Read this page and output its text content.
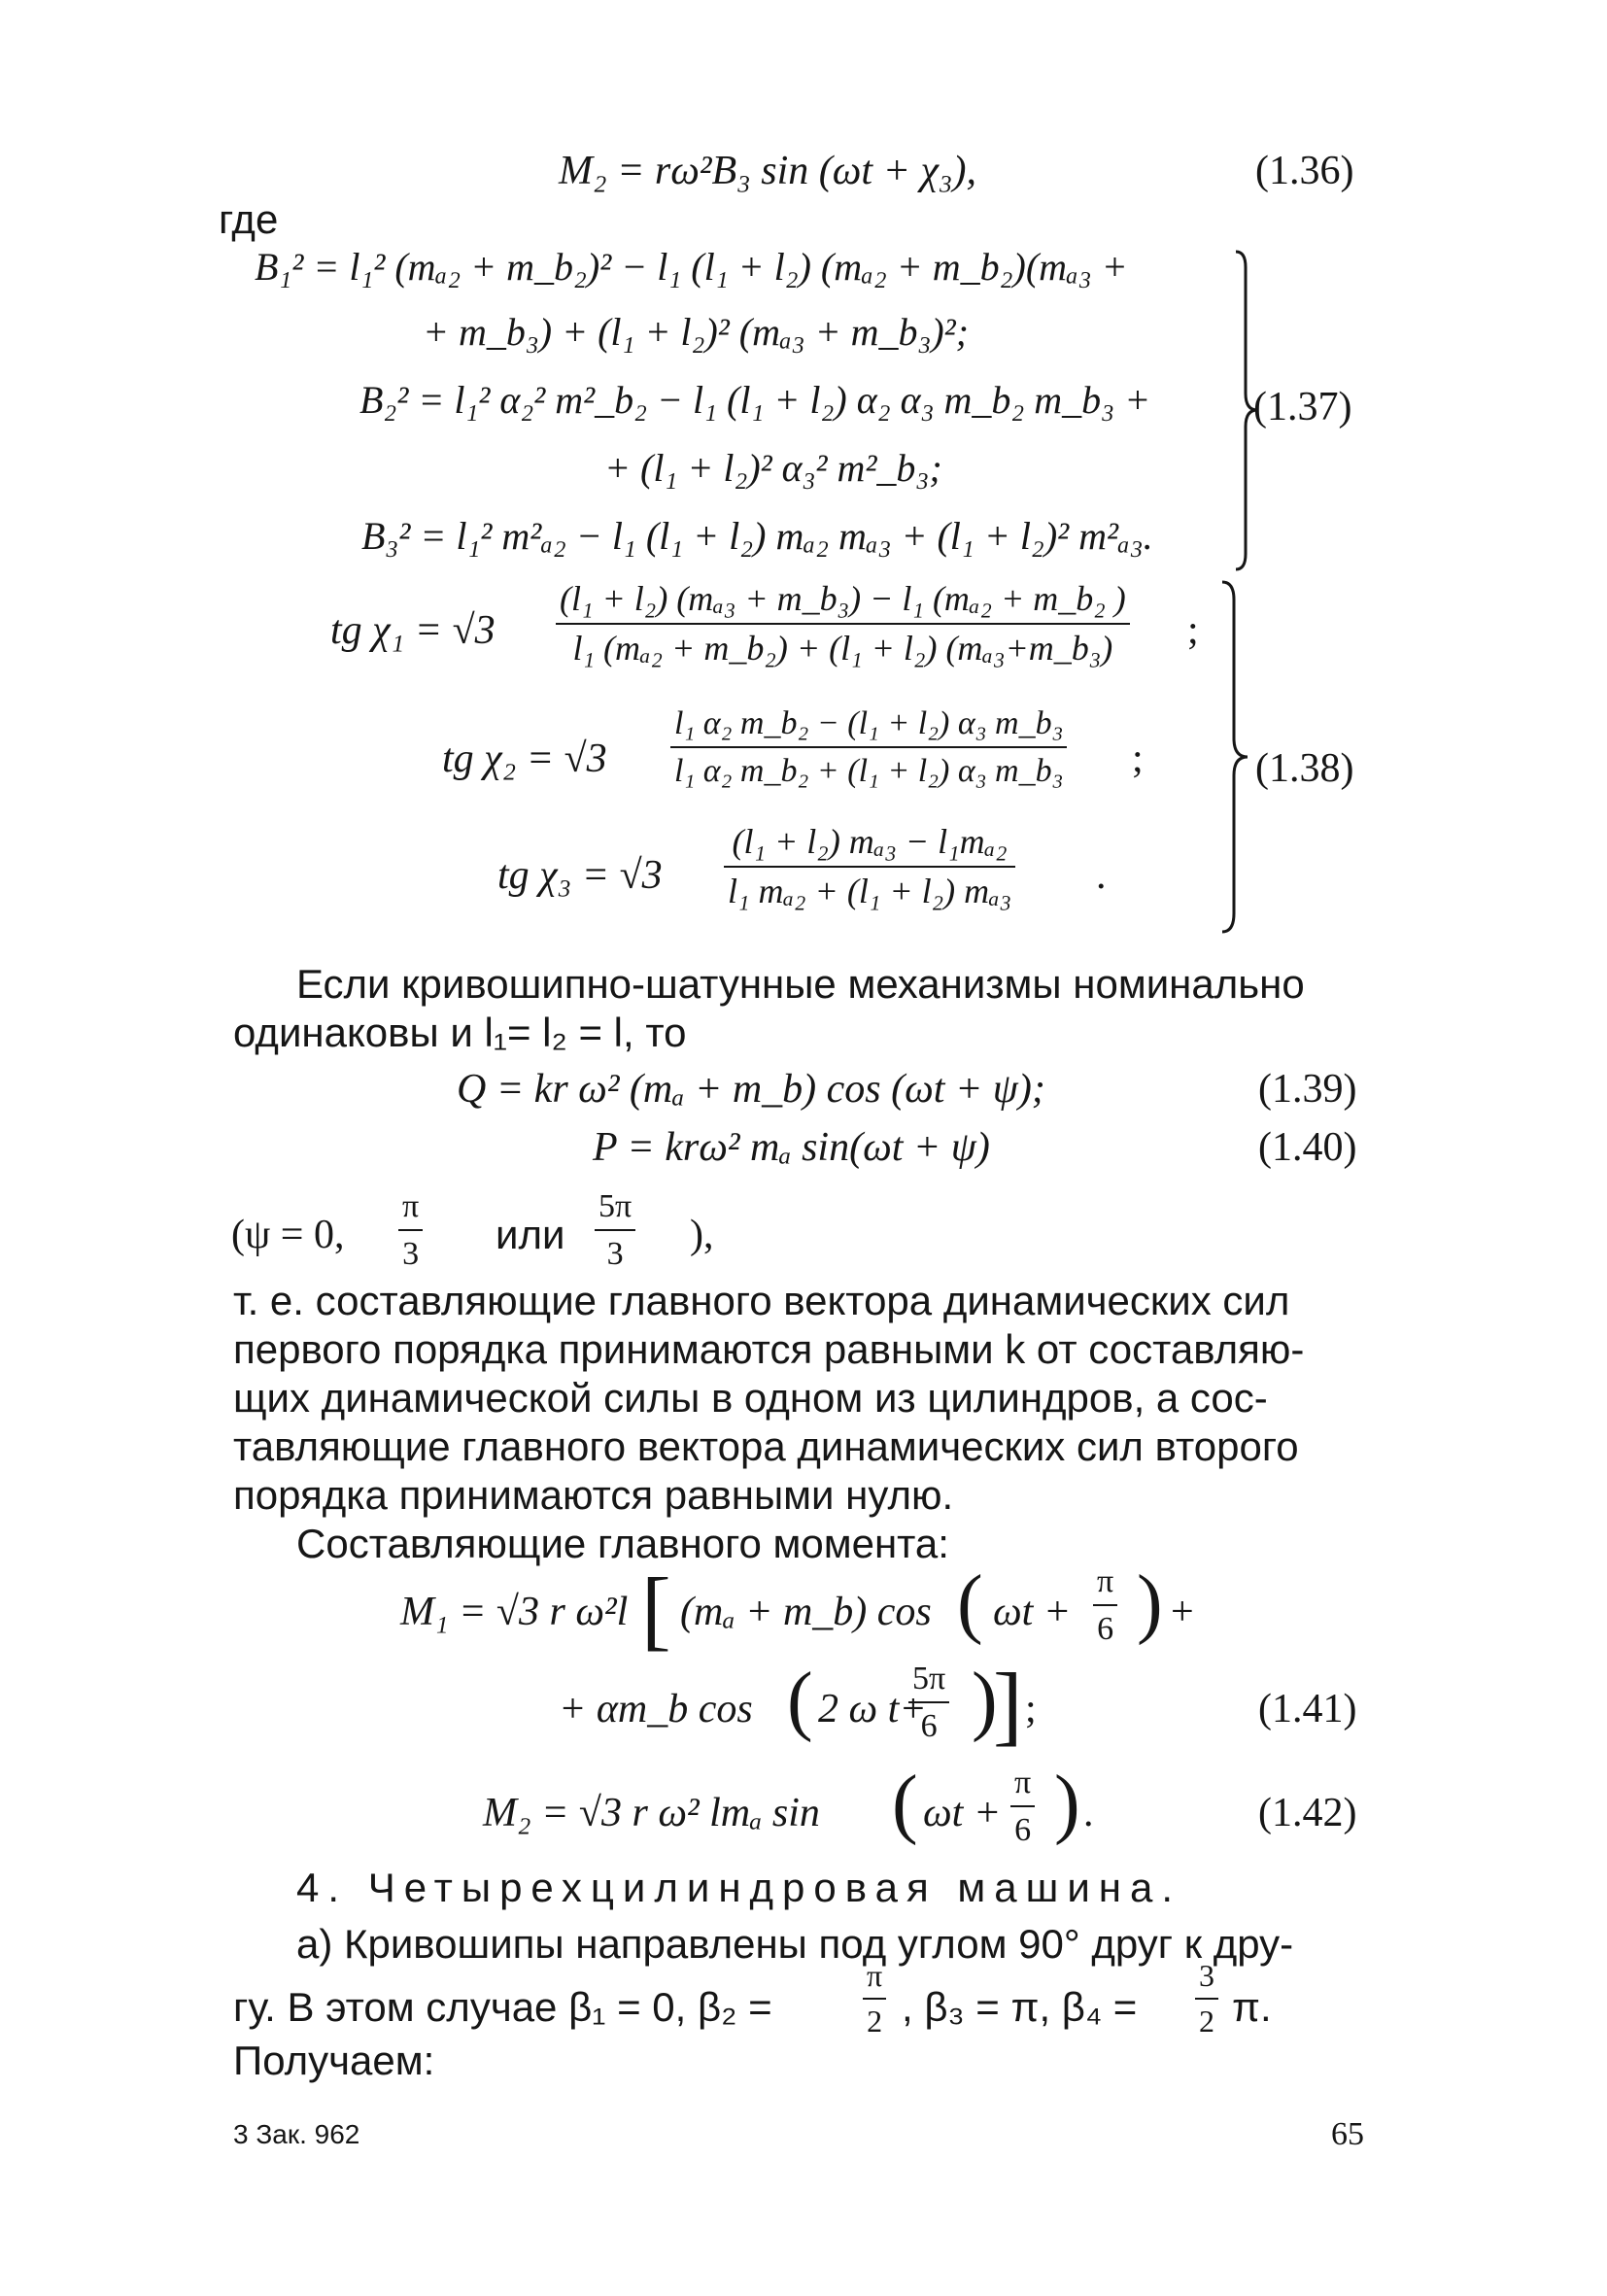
M₂ = rω²B₃ sin (ωt + χ₃),	(1.36)
где
B₁² = l₁² (mₐ₂ + m_b₂)² − l₁ (l₁ + l₂) (mₐ₂ + m_b₂)(mₐ₃ +
+ m_b₃) + (l₁ + l₂)² (mₐ₃ + m_b₃)²;
B₂² = l₁² α₂² m²_b₂ − l₁ (l₁ + l₂) α₂ α₃ m_b₂ m_b₃ +
+ (l₁ + l₂)² α₃² m²_b₃;
B₃² = l₁² m²ₐ₂ − l₁ (l₁ + l₂) mₐ₂ mₐ₃ + (l₁ + l₂)² m²ₐ₃.
(1.37)
tg χ₁ = √3
(l₁ + l₂) (mₐ₃ + m_b₃) − l₁ (mₐ₂ + m_b₂ )
l₁ (mₐ₂ + m_b₂) + (l₁ + l₂) (mₐ₃+m_b₃) ;
tg χ₂ = √3
l₁ α₂ m_b₂ − (l₁ + l₂) α₃ m_b₃
l₁ α₂ m_b₂ + (l₁ + l₂) α₃ m_b₃ ;
tg χ₃ = √3
(l₁ + l₂) mₐ₃ − l₁mₐ₂
l₁ mₐ₂ + (l₁ + l₂) mₐ₃ .
(1.38)
Если кривошипно-шатунные механизмы номинально
одинаковы и l₁= l₂ = l, то
Q = kr ω² (mₐ + m_b) cos (ωt + ψ);	(1.39)
P = krω² mₐ sin(ωt + ψ)	(1.40)
(ψ = 0,
π
3 или
5π
3 ),
т. е. составляющие главного вектора динамических сил
первого порядка принимаются равными k от составляю-
щих динамической силы в одном из цилиндров, а сос-
тавляющие главного вектора динамических сил второго
порядка принимаются равными нулю.
Составляющие главного момента:
M₁ = √3 r ω²l [ (mₐ + m_b) cos ( ωt +
π
6 ) +
+ αm_b cos ( 2 ω t+
5π
6 )
] ;	(1.41)
M₂ = √3 r ω² lmₐ sin ( ωt +
π
6 ) .	(1.42)
4. Четырехцилиндровая машина.
а) Кривошипы направлены под углом 90° друг к дру-
гу. В этом случае β₁ = 0, β₂ =
π
2 , β₃ = π, β₄ =
3
2 π.
Получаем:
3 Зак. 962	65
